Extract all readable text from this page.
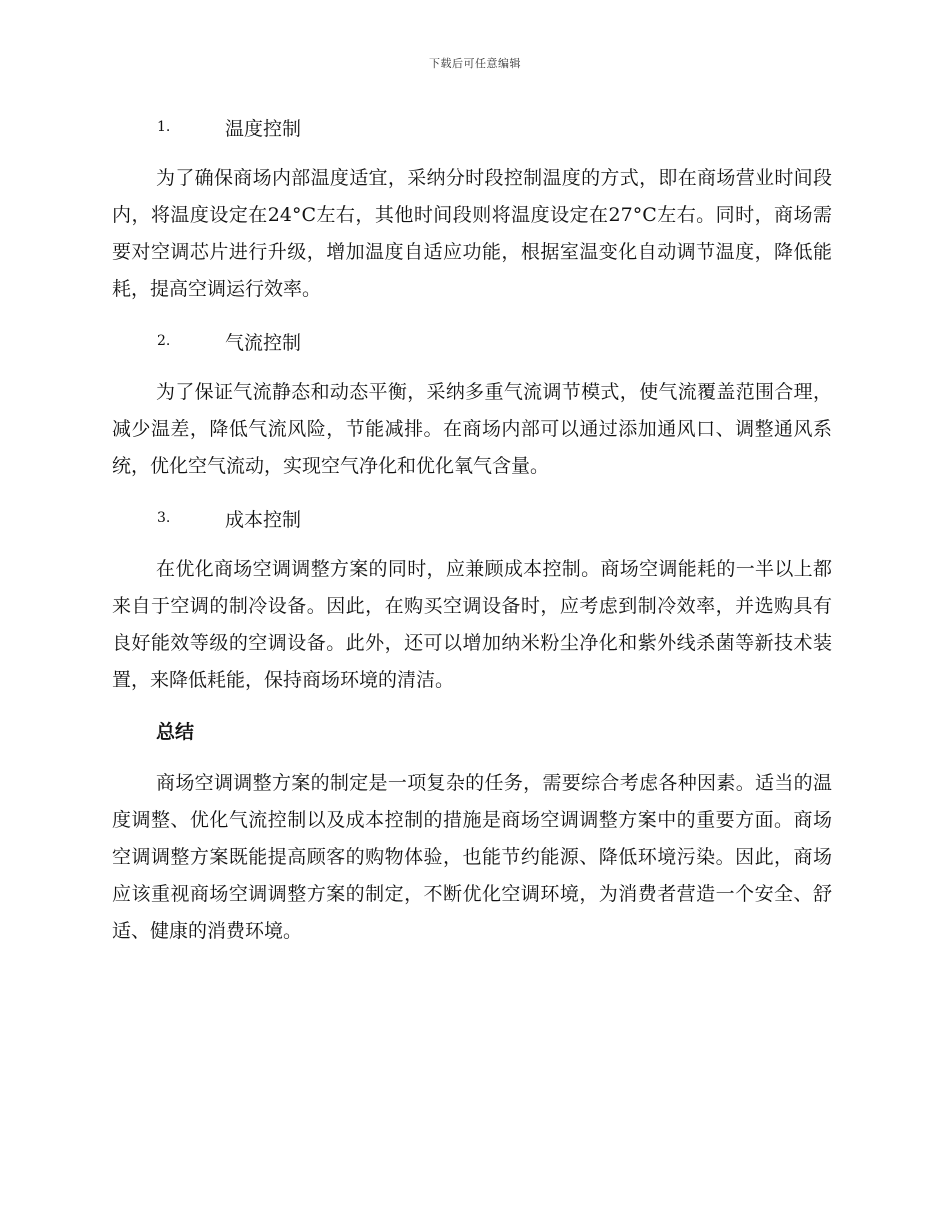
下载后可任意编辑
1.	温度控制

为了确保商场内部温度适宜，采纳分时段控制温度的方式，即在商场营业时间段内，将温度设定在24°C左右，其他时间段则将温度设定在27°C左右。同时，商场需要对空调芯片进行升级，增加温度自适应功能，根据室温变化自动调节温度，降低能耗，提高空调运行效率。

2.	气流控制

为了保证气流静态和动态平衡，采纳多重气流调节模式，使气流覆盖范围合理，减少温差，降低气流风险，节能减排。在商场内部可以通过添加通风口、调整通风系统，优化空气流动，实现空气净化和优化氧气含量。

3.	成本控制

在优化商场空调调整方案的同时，应兼顾成本控制。商场空调能耗的一半以上都来自于空调的制冷设备。因此，在购买空调设备时，应考虑到制冷效率，并选购具有良好能效等级的空调设备。此外，还可以增加纳米粉尘净化和紫外线杀菌等新技术装置，来降低耗能，保持商场环境的清洁。

总结

商场空调调整方案的制定是一项复杂的任务，需要综合考虑各种因素。适当的温度调整、优化气流控制以及成本控制的措施是商场空调调整方案中的重要方面。商场空调调整方案既能提高顾客的购物体验，也能节约能源、降低环境污染。因此，商场应该重视商场空调调整方案的制定，不断优化空调环境，为消费者营造一个安全、舒适、健康的消费环境。
